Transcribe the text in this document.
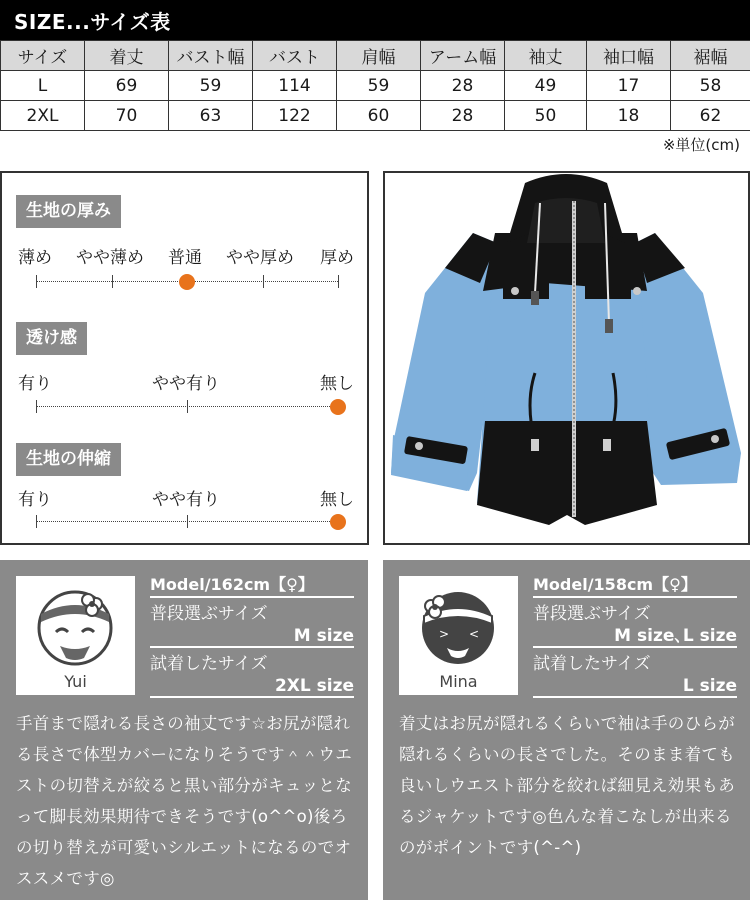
SIZE...サイズ表
サイズ	着丈	バスト幅	バスト	肩幅	アーム幅	袖丈	袖口幅	裾幅
L	69	59	114	59	28	49	17	58
2XL	70	63	122	60	28	50	18	62
※単位(cm)
生地の厚み
薄め やや薄め 普通 やや厚め 厚め
透け感
有り	やや有り	無し
生地の伸縮
有り	やや有り	無し
Yui
Model/162cm【♀】
普段選ぶサイズ
M size
試着したサイズ
2XL size
手首まで隠れる長さの袖丈です☆お尻が隠れる長さで体型カバーになりそうです＾＾ウエストの切替えが絞ると黒い部分がキュッとなって脚長効果期待できそうです(o^^o)後ろの切り替えが可愛いシルエットになるのでオススメです◎
> <
Mina
Model/158cm【♀】
普段選ぶサイズ
M size､L size
試着したサイズ
L size
着丈はお尻が隠れるくらいで袖は手のひらが隠れるくらいの長さでした。そのまま着ても良いしウエスト部分を絞れば細見え効果もあるジャケットです◎色んな着こなしが出来るのがポイントです(^-^)
